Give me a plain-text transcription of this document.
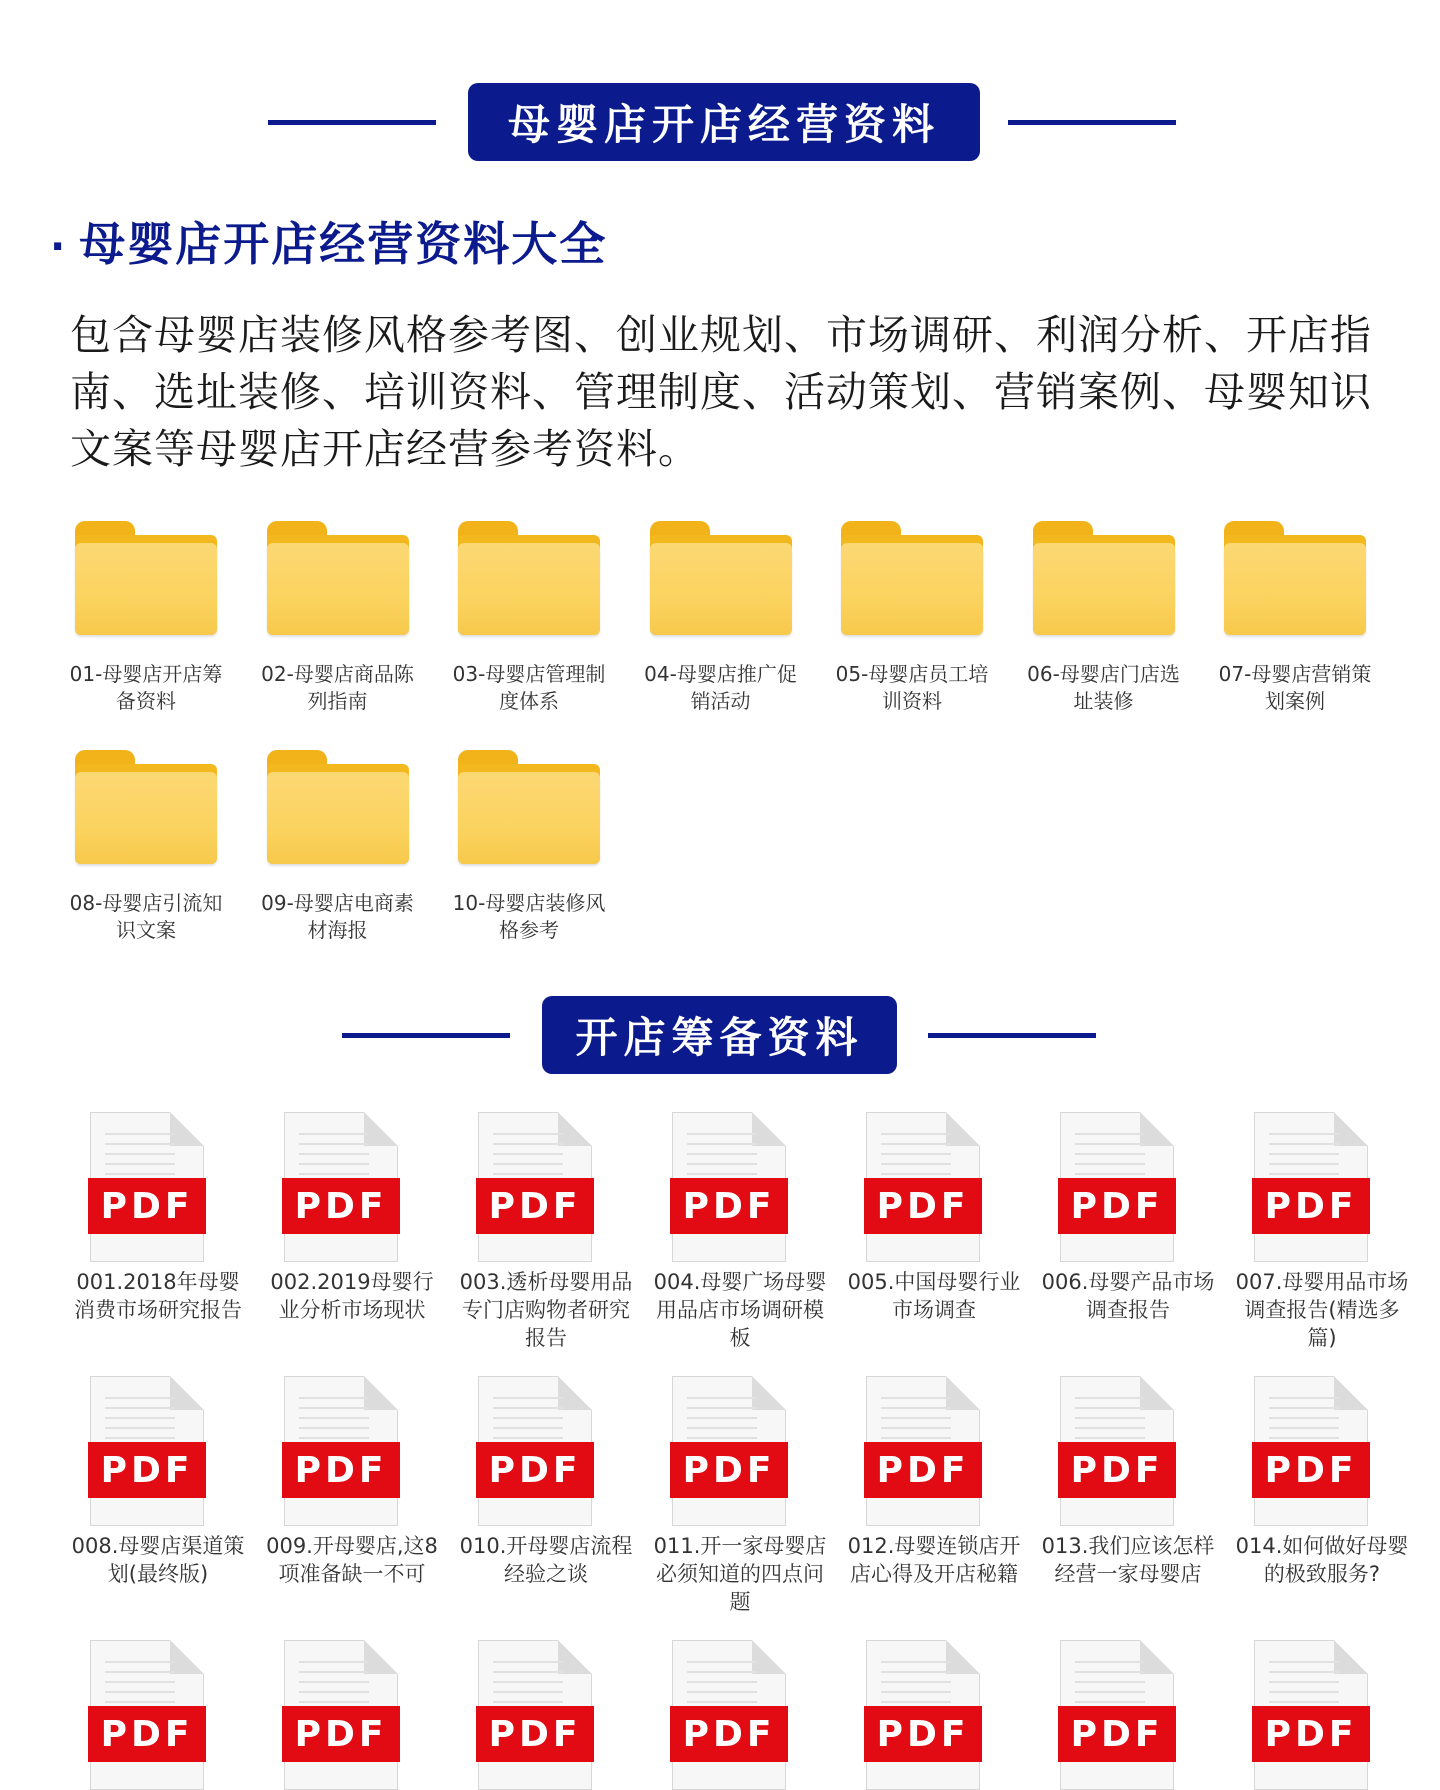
母婴店开店经营资料
· 母婴店开店经营资料大全
包含母婴店装修风格参考图、创业规划、市场调研、利润分析、开店指南、选址装修、培训资料、管理制度、活动策划、营销案例、母婴知识文案等母婴店开店经营参考资料。
01-母婴店开店筹备资料
02-母婴店商品陈列指南
03-母婴店管理制度体系
04-母婴店推广促销活动
05-母婴店员工培训资料
06-母婴店门店选址装修
07-母婴店营销策划案例
08-母婴店引流知识文案
09-母婴店电商素材海报
10-母婴店装修风格参考
开店筹备资料
PDF
001.2018年母婴消费市场研究报告
PDF
002.2019母婴行业分析市场现状
PDF
003.透析母婴用品专门店购物者研究报告
PDF
004.母婴广场母婴用品店市场调研模板
PDF
005.中国母婴行业市场调查
PDF
006.母婴产品市场调查报告
PDF
007.母婴用品市场调查报告(精选多篇)
PDF
008.母婴店渠道策划(最终版)
PDF
009.开母婴店,这8项准备缺一不可
PDF
010.开母婴店流程经验之谈
PDF
011.开一家母婴店必须知道的四点问题
PDF
012.母婴连锁店开店心得及开店秘籍
PDF
013.我们应该怎样经营一家母婴店
PDF
014.如何做好母婴的极致服务?
PDF	PDF	PDF	PDF	PDF	PDF	PDF
